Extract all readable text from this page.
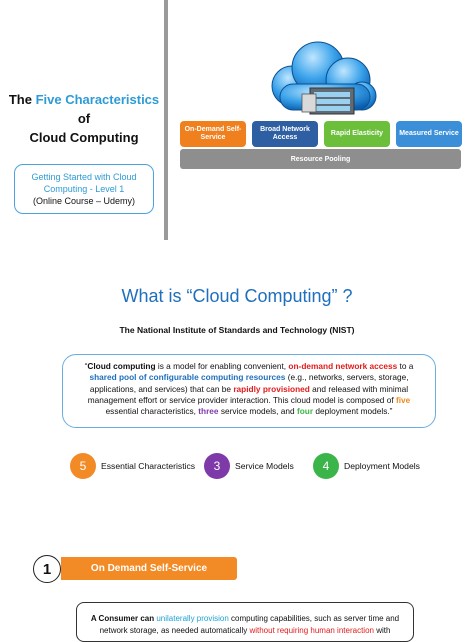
The Five Characteristics
of
Cloud Computing
Getting Started with Cloud
Computing - Level 1
(Online Course – Udemy)
On-Demand Self-Service
Broad Network Access
Rapid Elasticity Measured Service
Resource Pooling
What is “Cloud Computing” ?
The National Institute of Standards and Technology (NIST)
“Cloud computing is a model for enabling convenient, on-demand network access to a shared pool of configurable computing resources (e.g., networks, servers, storage, applications, and services) that can be rapidly provisioned and released with minimal management effort or service provider interaction. This cloud model is composed of five essential characteristics, three service models, and four deployment models.”
5	Essential Characteristics	3	Service Models	4	Deployment Models
On Demand Self-Service
1
A Consumer can unilaterally provision computing capabilities, such as server time and
network storage, as needed automatically without requiring human interaction with
